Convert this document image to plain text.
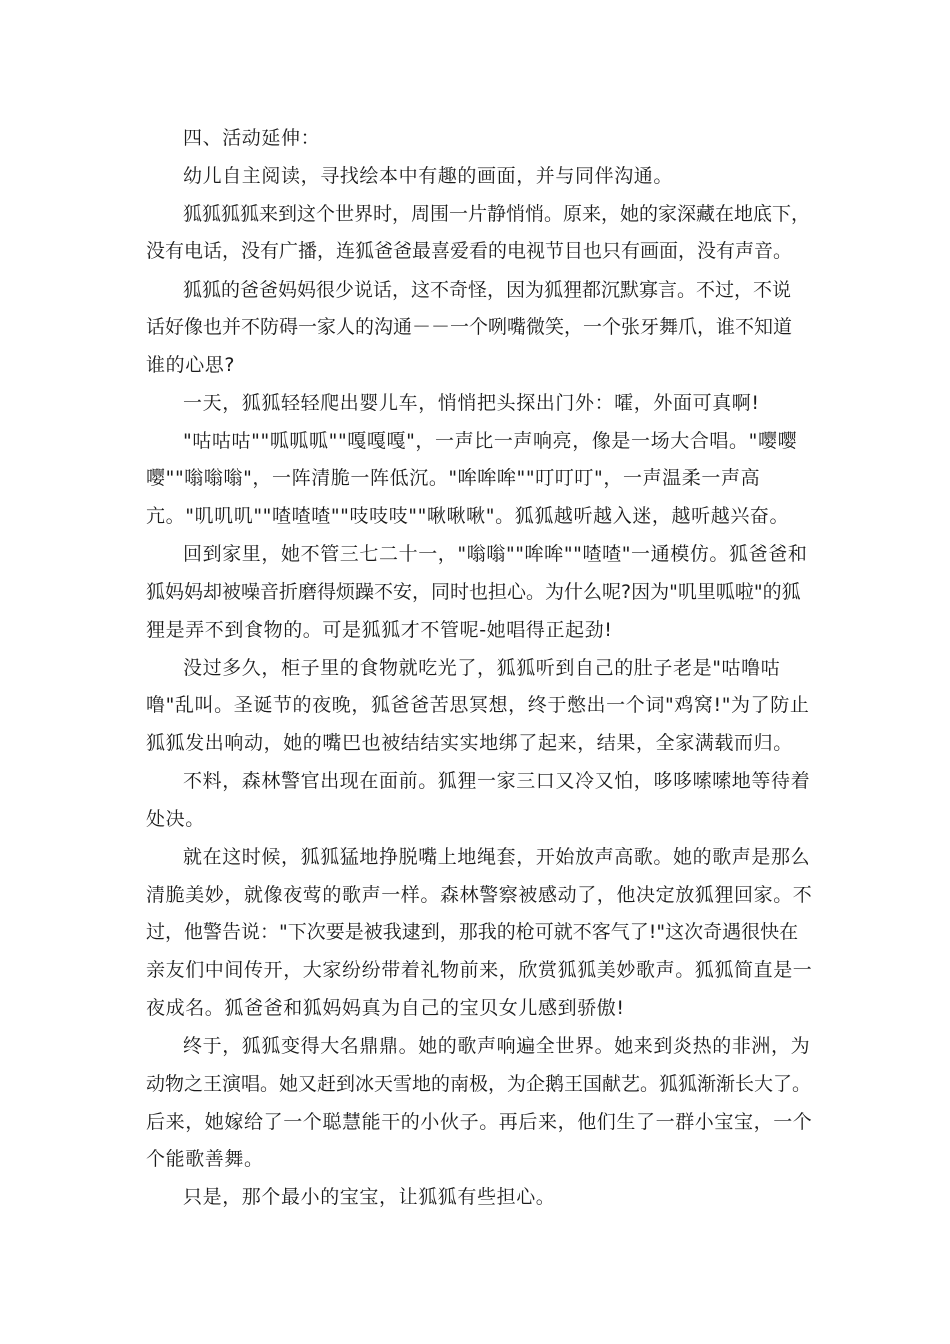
四、活动延伸：
幼儿自主阅读，寻找绘本中有趣的画面，并与同伴沟通。
狐狐狐狐来到这个世界时，周围一片静悄悄。原来，她的家深藏在地底下，
没有电话，没有广播，连狐爸爸最喜爱看的电视节目也只有画面，没有声音。
狐狐的爸爸妈妈很少说话，这不奇怪，因为狐狸都沉默寡言。不过，不说
话好像也并不防碍一家人的沟通－－一个咧嘴微笑，一个张牙舞爪，谁不知道
谁的心思?
一天，狐狐轻轻爬出婴儿车，悄悄把头探出门外：嚯，外面可真啊!
"咕咕咕""呱呱呱""嘎嘎嘎"，一声比一声响亮，像是一场大合唱。"嘤嘤
嘤""嗡嗡嗡"，一阵清脆一阵低沉。"哞哞哞""叮叮叮"，一声温柔一声高
亢。"叽叽叽""喳喳喳""吱吱吱""啾啾啾"。狐狐越听越入迷，越听越兴奋。
回到家里，她不管三七二十一，"嗡嗡""哞哞""喳喳"一通模仿。狐爸爸和
狐妈妈却被噪音折磨得烦躁不安，同时也担心。为什么呢?因为"叽里呱啦"的狐
狸是弄不到食物的。可是狐狐才不管呢-她唱得正起劲!
没过多久，柜子里的食物就吃光了，狐狐听到自己的肚子老是"咕噜咕
噜"乱叫。圣诞节的夜晚，狐爸爸苦思冥想，终于憋出一个词"鸡窝!"为了防止
狐狐发出响动，她的嘴巴也被结结实实地绑了起来，结果，全家满载而归。
不料，森林警官出现在面前。狐狸一家三口又冷又怕，哆哆嗦嗦地等待着
处决。
就在这时候，狐狐猛地挣脱嘴上地绳套，开始放声高歌。她的歌声是那么
清脆美妙，就像夜莺的歌声一样。森林警察被感动了，他决定放狐狸回家。不
过，他警告说："下次要是被我逮到，那我的枪可就不客气了!"这次奇遇很快在
亲友们中间传开，大家纷纷带着礼物前来，欣赏狐狐美妙歌声。狐狐简直是一
夜成名。狐爸爸和狐妈妈真为自己的宝贝女儿感到骄傲!
终于，狐狐变得大名鼎鼎。她的歌声响遍全世界。她来到炎热的非洲，为
动物之王演唱。她又赶到冰天雪地的南极，为企鹅王国献艺。狐狐渐渐长大了。
后来，她嫁给了一个聪慧能干的小伙子。再后来，他们生了一群小宝宝，一个
个能歌善舞。
只是，那个最小的宝宝，让狐狐有些担心。
